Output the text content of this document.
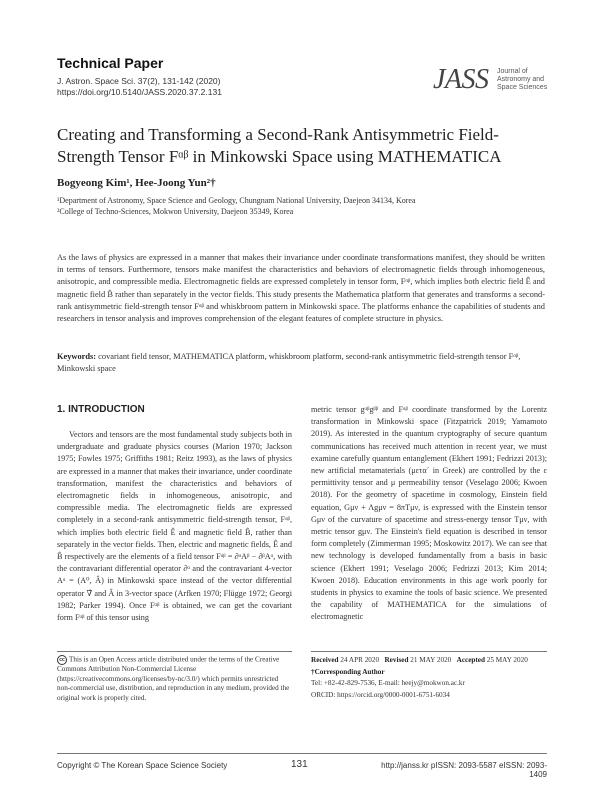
Technical Paper
J. Astron. Space Sci. 37(2), 131-142 (2020)
https://doi.org/10.5140/JASS.2020.37.2.131	JASS Journal of
Astronomy and
Space Sciences
Creating and Transforming a Second-Rank Antisymmetric Field-Strength Tensor Fᵅᵝ in Minkowski Space using MATHEMATICA
Bogyeong Kim¹, Hee-Joong Yun²†
¹Department of Astronomy, Space Science and Geology, Chungnam National University, Daejeon 34134, Korea
²College of Techno-Sciences, Mokwon University, Daejeon 35349, Korea
As the laws of physics are expressed in a manner that makes their invariance under coordinate transformations manifest, they should be written in terms of tensors. Furthermore, tensors make manifest the characteristics and behaviors of electromagnetic fields through inhomogeneous, anisotropic, and compressible media. Electromagnetic fields are expressed completely in tensor form, Fᵅᵝ, which implies both electric field Ê and magnetic field B̂ rather than separately in the vector fields. This study presents the Mathematica platform that generates and transforms a second-rank antisymmetric field-strength tensor Fᵅᵝ and whiskbroom pattern in Minkowski space. The platforms enhance the capabilities of students and researchers in tensor analysis and improves comprehension of the elegant features of complete structure in physics.
Keywords: covariant field tensor, MATHEMATICA platform, whiskbroom platform, second-rank antisymmetric field-strength tensor Fᵅᵝ, Minkowski space
1. INTRODUCTION
Vectors and tensors are the most fundamental study subjects both in undergraduate and graduate physics courses (Marion 1970; Jackson 1975; Fowles 1975; Griffiths 1981; Reitz 1993), as the laws of physics are expressed in a manner that makes their invariance, under coordinate transformation, manifest the characteristics and behaviors of electromagnetic fields in inhomogeneous, anisotropic, and compressible media. The electromagnetic fields are expressed completely in a second-rank antisymmetric field-strength tensor, Fᵅᵝ, which implies both electric field Ê and magnetic field B̂, rather than separately in the vector fields. Then, electric and magnetic fields, Ê and B̂ respectively are the elements of a field tensor Fᵅᵝ = ∂ᵅAᵝ − ∂ᵝAᵅ, with the contravariant differential operator ∂ᵅ and the contravariant 4-vector Aᵅ = (A⁰, Â) in Minkowski space instead of the vector differential operator ∇̂ and Â in 3-vector space (Arfken 1970; Flügge 1972; Georgi 1982; Parker 1994). Once Fᵅᵝ is obtained, we can get the covariant form Fᵅᵝ of this tensor using
metric tensor gᵅᵝgᵝᵝ and Fᵅᵝ coordinate transformed by the Lorentz transformation in Minkowski space (Fitzpatrick 2019; Yamamoto 2019). As interested in the quantum cryptography of secure quantum communications has received much attention in recent year, we must examine carefully quantum entanglement (Ekhert 1991; Fedrizzi 2013); new artificial metamaterials (μετα´ in Greek) are controlled by the ε permittivity tensor and μ permeability tensor (Veselago 2006; Kwoen 2018). For the geometry of spacetime in cosmology, Einstein field equation, Gμν + Λgμν = 8πTμν, is expressed with the Einstein tensor Gμν of the curvature of spacetime and stress-energy tensor Tμν, with metric tensor gμν. The Einstein's field equation is described in tensor form completely (Zimmerman 1995; Moskowitz 2017). We can see that new technology is developed fundamentally from a basis in basic science (Ekhert 1991; Veselago 2006; Fedrizzi 2013; Kim 2014; Kwoen 2018). Education environments in this age work poorly for students in physics to examine the tools of basic science. We presented the capability of MATHEMATICA for the simulations of electromagnetic
cc This is an Open Access article distributed under the terms of the Creative Commons Attribution Non-Commercial License (https://creativecommons.org/licenses/by-nc/3.0/) which permits unrestricted non-commercial use, distribution, and reproduction in any medium, provided the original work is properly cited.
Received 24 APR 2020 Revised 21 MAY 2020 Accepted 25 MAY 2020
†Corresponding Author
Tel: +82-42-829-7536, E-mail: heejy@mokwon.ac.kr
ORCID: https://orcid.org/0000-0001-6751-6034
Copyright © The Korean Space Science Society	131	http://janss.kr pISSN: 2093-5587 eISSN: 2093-1409
